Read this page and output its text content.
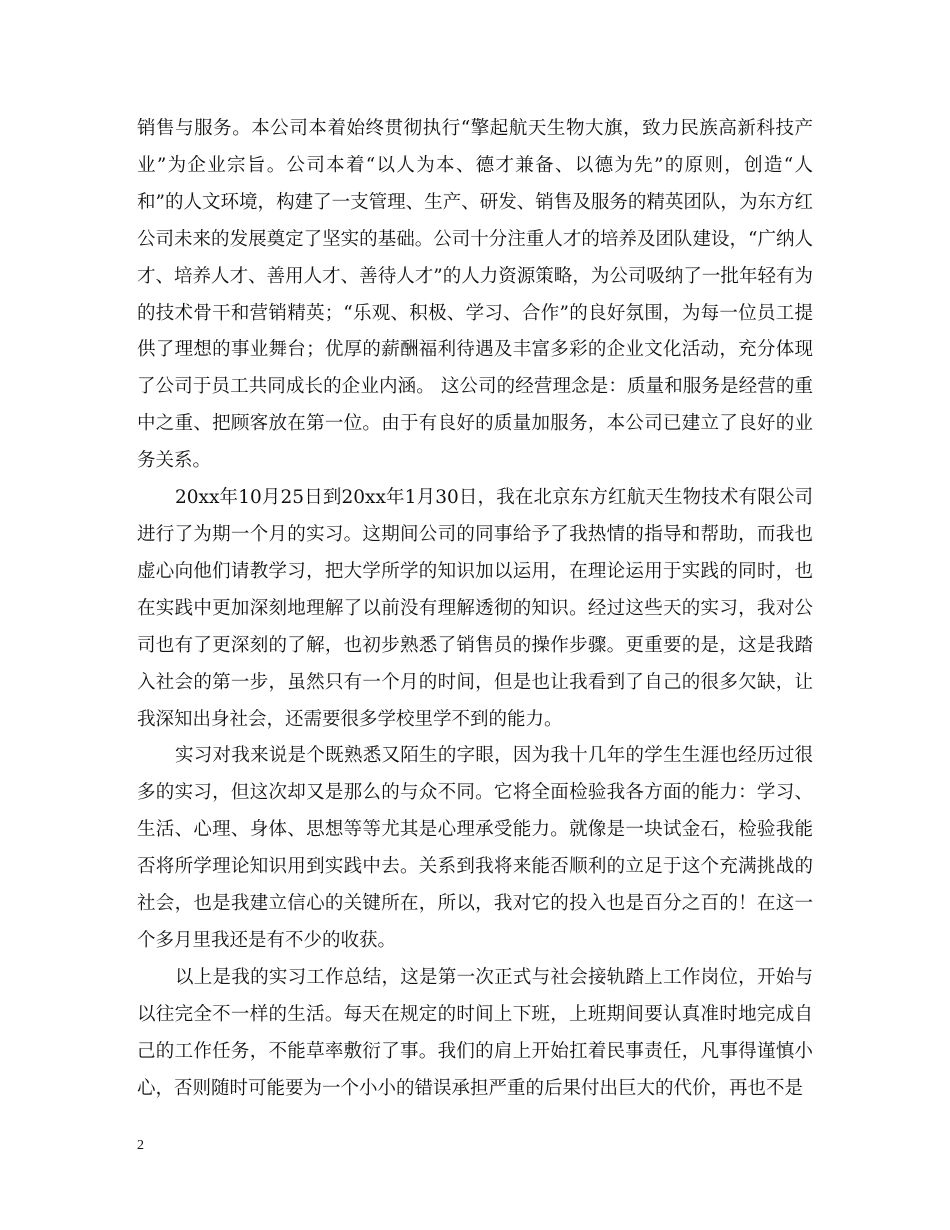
销售与服务。本公司本着始终贯彻执行“擎起航天生物大旗，致力民族高新科技产业”为企业宗旨。公司本着“以人为本、德才兼备、以德为先”的原则，创造“人和”的人文环境，构建了一支管理、生产、研发、销售及服务的精英团队，为东方红公司未来的发展奠定了坚实的基础。公司十分注重人才的培养及团队建设，“广纳人才、培养人才、善用人才、善待人才”的人力资源策略，为公司吸纳了一批年轻有为的技术骨干和营销精英；“乐观、积极、学习、合作”的良好氛围，为每一位员工提供了理想的事业舞台；优厚的薪酬福利待遇及丰富多彩的企业文化活动，充分体现了公司于员工共同成长的企业内涵。 这公司的经营理念是：质量和服务是经营的重中之重、把顾客放在第一位。由于有良好的质量加服务，本公司已建立了良好的业务关系。

20xx年10月25日到20xx年1月30日，我在北京东方红航天生物技术有限公司进行了为期一个月的实习。这期间公司的同事给予了我热情的指导和帮助，而我也虚心向他们请教学习，把大学所学的知识加以运用，在理论运用于实践的同时，也在实践中更加深刻地理解了以前没有理解透彻的知识。经过这些天的实习，我对公司也有了更深刻的了解，也初步熟悉了销售员的操作步骤。更重要的是，这是我踏入社会的第一步，虽然只有一个月的时间，但是也让我看到了自己的很多欠缺，让我深知出身社会，还需要很多学校里学不到的能力。

实习对我来说是个既熟悉又陌生的字眼，因为我十几年的学生生涯也经历过很多的实习，但这次却又是那么的与众不同。它将全面检验我各方面的能力：学习、生活、心理、身体、思想等等尤其是心理承受能力。就像是一块试金石，检验我能否将所学理论知识用到实践中去。关系到我将来能否顺利的立足于这个充满挑战的社会，也是我建立信心的关键所在，所以，我对它的投入也是百分之百的！在这一个多月里我还是有不少的收获。

以上是我的实习工作总结，这是第一次正式与社会接轨踏上工作岗位，开始与以往完全不一样的生活。每天在规定的时间上下班，上班期间要认真准时地完成自己的工作任务，不能草率敷衍了事。我们的肩上开始扛着民事责任，凡事得谨慎小心，否则随时可能要为一个小小的错误承担严重的后果付出巨大的代价，再也不是

2
